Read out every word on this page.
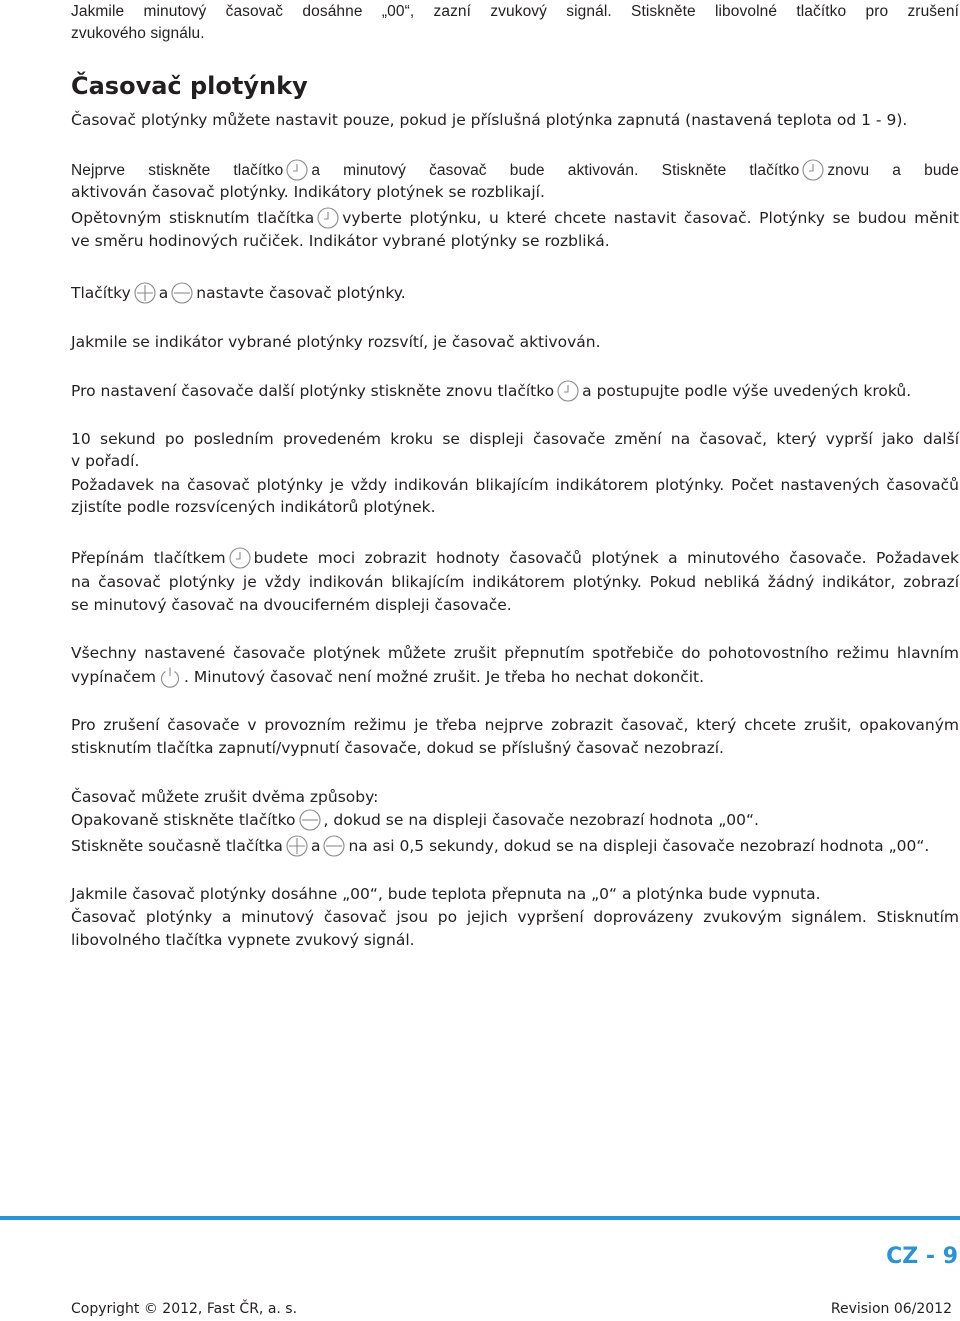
Jakmile minutový časovač dosáhne „00“, zazní zvukový signál. Stiskněte libovolné tlačítko pro zrušení

zvukového signálu.

Časovač plotýnky

Časovač plotýnky můžete nastavit pouze, pokud je příslušná plotýnka zapnutá (nastavená teplota od 1 - 9).

Nejprve stiskněte tlačítko a minutový časovač bude aktivován. Stiskněte tlačítko znovu a bude

aktivován časovač plotýnky. Indikátory plotýnek se rozblikají.

Opětovným stisknutím tlačítka vyberte plotýnku, u které chcete nastavit časovač. Plotýnky se budou měnit

ve směru hodinových ručiček. Indikátor vybrané plotýnky se rozbliká.

Tlačítky a nastavte časovač plotýnky.

Jakmile se indikátor vybrané plotýnky rozsvítí, je časovač aktivován.

Pro nastavení časovače další plotýnky stiskněte znovu tlačítko a postupujte podle výše uvedených kroků.

10 sekund po posledním provedeném kroku se displeji časovače změní na časovač, který vyprší jako další

v pořadí.

Požadavek na časovač plotýnky je vždy indikován blikajícím indikátorem plotýnky. Počet nastavených časovačů

zjistíte podle rozsvícených indikátorů plotýnek.

Přepínám tlačítkem budete moci zobrazit hodnoty časovačů plotýnek a minutového časovače. Požadavek

na časovač plotýnky je vždy indikován blikajícím indikátorem plotýnky. Pokud nebliká žádný indikátor, zobrazí

se minutový časovač na dvouciferném displeji časovače.

Všechny nastavené časovače plotýnek můžete zrušit přepnutím spotřebiče do pohotovostního režimu hlavním

vypínačem . Minutový časovač není možné zrušit. Je třeba ho nechat dokončit.

Pro zrušení časovače v provozním režimu je třeba nejprve zobrazit časovač, který chcete zrušit, opakovaným

stisknutím tlačítka zapnutí/vypnutí časovače, dokud se příslušný časovač nezobrazí.

Časovač můžete zrušit dvěma způsoby:

Opakovaně stiskněte tlačítko , dokud se na displeji časovače nezobrazí hodnota „00“.

Stiskněte současně tlačítka a na asi 0,5 sekundy, dokud se na displeji časovače nezobrazí hodnota „00“.

Jakmile časovač plotýnky dosáhne „00“, bude teplota přepnuta na „0“ a plotýnka bude vypnuta.

Časovač plotýnky a minutový časovač jsou po jejich vypršení doprovázeny zvukovým signálem. Stisknutím

libovolného tlačítka vypnete zvukový signál.

CZ - 9
Copyright © 2012, Fast ČR, a. s.	Revision 06/2012
